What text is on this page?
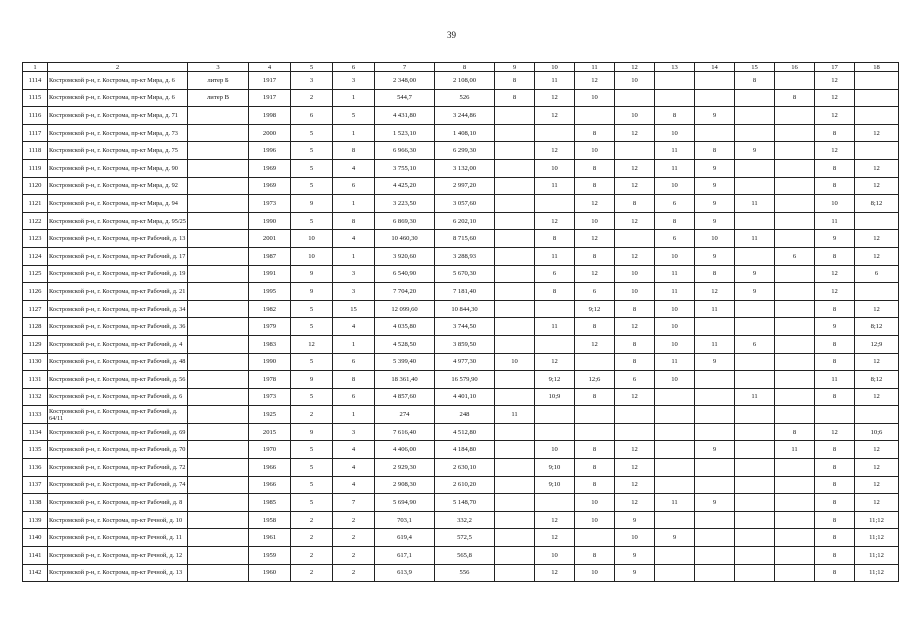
39
1	2	3	4	5	6	7	8	9	10	11	12	13	14	15	16	17	18
1114	Костромской р-н, г. Кострома, пр-кт Мира, д. 6	литер Б	1917	3	3	2 348,00	2 108,00	8	11	12	10			8		12	
1115	Костромской р-н, г. Кострома, пр-кт Мира, д. 6	литер В	1917	2	1	544,7	526	8	12	10					8	12	
1116	Костромской р-н, г. Кострома, пр-кт Мира, д. 71		1998	6	5	4 431,80	3 244,86		12		10	8	9			12	
1117	Костромской р-н, г. Кострома, пр-кт Мира, д. 73		2000	5	1	1 523,10	1 408,10			8	12	10				8	12
1118	Костромской р-н, г. Кострома, пр-кт Мира, д. 75		1996	5	8	6 966,30	6 299,30		12	10		11	8	9		12	
1119	Костромской р-н, г. Кострома, пр-кт Мира, д. 90		1969	5	4	3 755,10	3 132,00		10	8	12	11	9			8	12
1120	Костромской р-н, г. Кострома, пр-кт Мира, д. 92		1969	5	6	4 425,20	2 997,20		11	8	12	10	9			8	12
1121	Костромской р-н, г. Кострома, пр-кт Мира, д. 94		1973	9	1	3 223,50	3 057,60			12	8	6	9	11		10	8;12
1122	Костромской р-н, г. Кострома, пр-кт Мира, д. 95/25		1990	5	8	6 869,30	6 202,10		12	10	12	8	9			11	
1123	Костромской р-н, г. Кострома, пр-кт Рабочий, д. 13		2001	10	4	10 460,30	8 715,60		8	12		6	10	11		9	12
1124	Костромской р-н, г. Кострома, пр-кт Рабочий, д. 17		1987	10	1	3 920,60	3 288,93		11	8	12	10	9		6	8	12
1125	Костромской р-н, г. Кострома, пр-кт Рабочий, д. 19		1991	9	3	6 540,90	5 670,30		6	12	10	11	8	9		12	6
1126	Костромской р-н, г. Кострома, пр-кт Рабочий, д. 21		1995	9	3	7 704,20	7 181,40		8	6	10	11	12	9		12	
1127	Костромской р-н, г. Кострома, пр-кт Рабочий, д. 34		1982	5	15	12 099,60	10 844,30			9;12	8	10	11			8	12
1128	Костромской р-н, г. Кострома, пр-кт Рабочий, д. 36		1979	5	4	4 035,80	3 744,50		11	8	12	10				9	8;12
1129	Костромской р-н, г. Кострома, пр-кт Рабочий, д. 4		1983	12	1	4 528,50	3 859,50			12	8	10	11	6		8	12;9
1130	Костромской р-н, г. Кострома, пр-кт Рабочий, д. 48		1990	5	6	5 399,40	4 977,30	10	12		8	11	9			8	12
1131	Костромской р-н, г. Кострома, пр-кт Рабочий, д. 56		1978	9	8	18 361,40	16 579,90		9;12	12;6	6	10				11	8;12
1132	Костромской р-н, г. Кострома, пр-кт Рабочий, д. 6		1973	5	6	4 857,60	4 401,10		10;9	8	12			11		8	12
1133	Костромской р-н, г. Кострома, пр-кт Рабочий, д. 64/11		1925	2	1	274	248	11									
1134	Костромской р-н, г. Кострома, пр-кт Рабочий, д. 69		2015	9	3	7 616,40	4 512,80								8	12	10;6
1135	Костромской р-н, г. Кострома, пр-кт Рабочий, д. 70		1970	5	4	4 406,00	4 184,80		10	8	12		9		11	8	12
1136	Костромской р-н, г. Кострома, пр-кт Рабочий, д. 72		1966	5	4	2 929,30	2 630,10		9;10	8	12					8	12
1137	Костромской р-н, г. Кострома, пр-кт Рабочий, д. 74		1966	5	4	2 908,30	2 610,20		9;10	8	12					8	12
1138	Костромской р-н, г. Кострома, пр-кт Рабочий, д. 8		1985	5	7	5 694,90	5 148,70			10	12	11	9			8	12
1139	Костромской р-н, г. Кострома, пр-кт Речной, д. 10		1958	2	2	703,1	332,2		12	10	9					8	11;12
1140	Костромской р-н, г. Кострома, пр-кт Речной, д. 11		1961	2	2	619,4	572,5		12		10	9				8	11;12
1141	Костромской р-н, г. Кострома, пр-кт Речной, д. 12		1959	2	2	617,1	565,8		10	8	9					8	11;12
1142	Костромской р-н, г. Кострома, пр-кт Речной, д. 13		1960	2	2	613,9	556		12	10	9					8	11;12
